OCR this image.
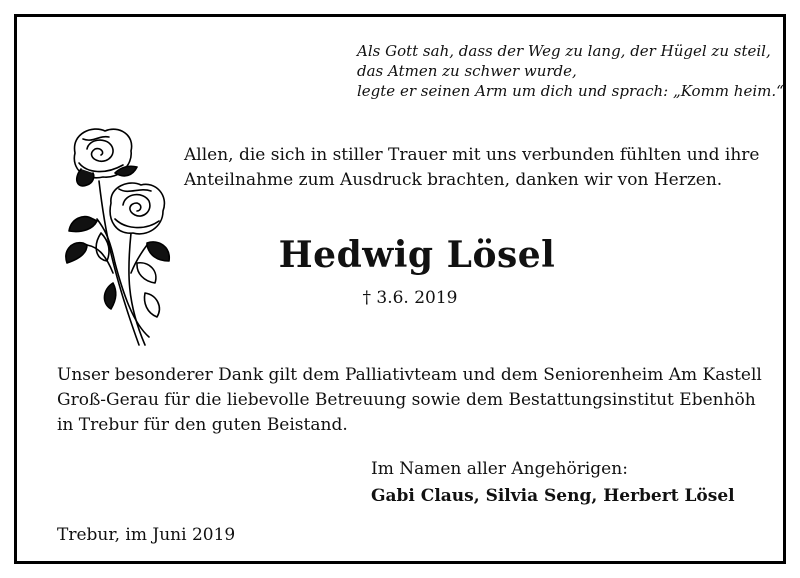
Als Gott sah, dass der Weg zu lang, der Hügel zu steil,
das Atmen zu schwer wurde,
legte er seinen Arm um dich und sprach: „Komm heim.“
Allen, die sich in stiller Trauer mit uns verbunden fühlten und ihre
Anteilnahme zum Ausdruck brachten, danken wir von Herzen.
Hedwig Lösel
† 3.6. 2019
Unser besonderer Dank gilt dem Palliativteam und dem Seniorenheim Am Kastell
Groß-Gerau für die liebevolle Betreuung sowie dem Bestattungsinstitut Ebenhöh
in Trebur für den guten Beistand.
Im Namen aller Angehörigen:
Gabi Claus, Silvia Seng, Herbert Lösel
Trebur, im Juni 2019
